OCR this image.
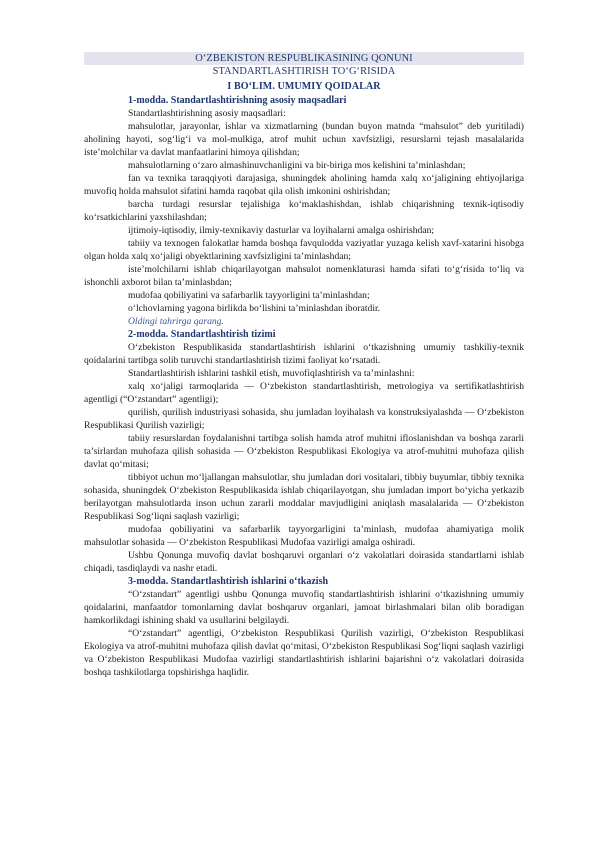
O‘ZBEKISTON RESPUBLIKASINING QONUNI
STANDARTLASHTIRISH TO‘G‘RISIDA
I BO‘LIM. UMUMIY QOIDALAR
1-modda. Standartlashtirishning asosiy maqsadlari
Standartlashtirishning asosiy maqsadlari:
mahsulotlar, jarayonlar, ishlar va xizmatlarning (bundan buyon matnda “mahsulot” deb yuritiladi) aholining hayoti, sog‘lig‘i va mol-mulkiga, atrof muhit uchun xavfsizligi, resurslarni tejash masalalarida iste’molchilar va davlat manfaatlarini himoya qilishdan;
mahsulotlarning o‘zaro almashinuvchanligini va bir-biriga mos kelishini ta’minlashdan;
fan va texnika taraqqiyoti darajasiga, shuningdek aholining hamda xalq xo‘jaligining ehtiyojlariga muvofiq holda mahsulot sifatini hamda raqobat qila olish imkonini oshirishdan;
barcha turdagi resurslar tejalishiga ko‘maklashishdan, ishlab chiqarishning texnik-iqtisodiy ko‘rsatkichlarini yaxshilashdan;
ijtimoiy-iqtisodiy, ilmiy-texnikaviy dasturlar va loyihalarni amalga oshirishdan;
tabiiy va texnogen falokatlar hamda boshqa favqulodda vaziyatlar yuzaga kelish xavf-xatarini hisobga olgan holda xalq xo‘jaligi obyektlarining xavfsizligini ta’minlashdan;
iste’molchilarni ishlab chiqarilayotgan mahsulot nomenklaturasi hamda sifati to‘g‘risida to‘liq va ishonchli axborot bilan ta’minlashdan;
mudofaa qobiliyatini va safarbarlik tayyorligini ta’minlashdan;
o‘lchovlarning yagona birlikda bo‘lishini ta’minlashdan iboratdir.
Oldingi tahrirga qarang.
2-modda. Standartlashtirish tizimi
O‘zbekiston Respublikasida standartlashtirish ishlarini o‘tkazishning umumiy tashkiliy-texnik qoidalarini tartibga solib turuvchi standartlashtirish tizimi faoliyat ko‘rsatadi.
Standartlashtirish ishlarini tashkil etish, muvofiqlashtirish va ta’minlashni:
xalq xo‘jaligi tarmoqlarida — O‘zbekiston standartlashtirish, metrologiya va sertifikatlashtirish agentligi (“O‘zstandart” agentligi);
qurilish, qurilish industriyasi sohasida, shu jumladan loyihalash va konstruksiyalashda — O‘zbekiston Respublikasi Qurilish vazirligi;
tabiiy resurslardan foydalanishni tartibga solish hamda atrof muhitni ifloslanishdan va boshqa zararli ta’sirlardan muhofaza qilish sohasida — O‘zbekiston Respublikasi Ekologiya va atrof-muhitni muhofaza qilish davlat qo‘mitasi;
tibbiyot uchun mo‘ljallangan mahsulotlar, shu jumladan dori vositalari, tibbiy buyumlar, tibbiy texnika sohasida, shuningdek O‘zbekiston Respublikasida ishlab chiqarilayotgan, shu jumladan import bo‘yicha yetkazib berilayotgan mahsulotlarda inson uchun zararli moddalar mavjudligini aniqlash masalalarida — O‘zbekiston Respublikasi Sog‘liqni saqlash vazirligi;
mudofaa qobiliyatini va safarbarlik tayyorgarligini ta’minlash, mudofaa ahamiyatiga molik mahsulotlar sohasida — O‘zbekiston Respublikasi Mudofaa vazirligi amalga oshiradi.
Ushbu Qonunga muvofiq davlat boshqaruvi organlari o‘z vakolatlari doirasida standartlarni ishlab chiqadi, tasdiqlaydi va nashr etadi.
3-modda. Standartlashtirish ishlarini o‘tkazish
“O‘zstandart” agentligi ushbu Qonunga muvofiq standartlashtirish ishlarini o‘tkazishning umumiy qoidalarini, manfaatdor tomonlarning davlat boshqaruv organlari, jamoat birlashmalari bilan olib boradigan hamkorlikdagi ishining shakl va usullarini belgilaydi.
“O‘zstandart” agentligi, O‘zbekiston Respublikasi Qurilish vazirligi, O‘zbekiston Respublikasi Ekologiya va atrof-muhitni muhofaza qilish davlat qo‘mitasi, O‘zbekiston Respublikasi Sog‘liqni saqlash vazirligi va O‘zbekiston Respublikasi Mudofaa vazirligi standartlashtirish ishlarini bajarishni o‘z vakolatlari doirasida boshqa tashkilotlarga topshirishga haqlidir.
